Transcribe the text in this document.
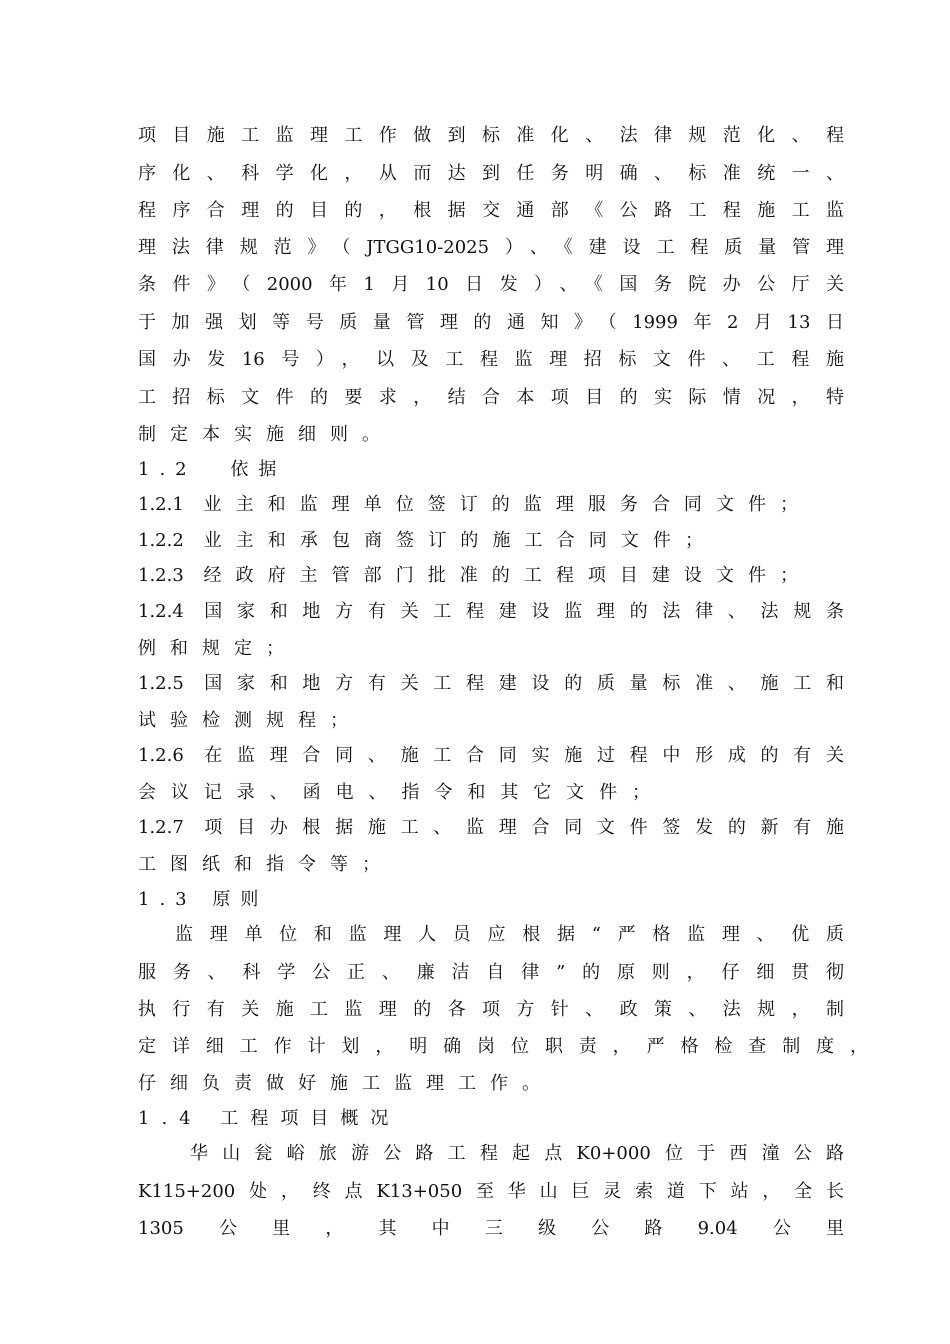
项目施工监理工作做到标准化、法律规范化、程
序化、科学化，从而达到任务明确、标准统一、
程序合理的目的，根据交通部《公路工程施工监
理法律规范》（JTGG10-2025）、《建设工程质量管理
条件》（2000年1月10日发）、《国务院办公厅关
于加强划等号质量管理的通知》（1999年2月13日
国办发16号），以及工程监理招标文件、工程施
工招标文件的要求，结合本项目的实际情况，特
制定本实施细则。
1.2 依据
1.2.1 业主和监理单位签订的监理服务合同文件；
1.2.2 业主和承包商签订的施工合同文件；
1.2.3 经政府主管部门批准的工程项目建设文件；
1.2.4 国家和地方有关工程建设监理的法律、法规条
例和规定；
1.2.5 国家和地方有关工程建设的质量标准、施工和
试验检测规程；
1.2.6 在监理合同、施工合同实施过程中形成的有关
会议记录、函电、指令和其它文件；
1.2.7 项目办根据施工、监理合同文件签发的新有施
工图纸和指令等；
1.3 原则
监理单位和监理人员应根据“严格监理、优质
服务、科学公正、廉洁自律”的原则，仔细贯彻
执行有关施工监理的各项方针、政策、法规，制
定详细工作计划，明确岗位职责，严格检查制度，
仔细负责做好施工监理工作。
1.4 工程项目概况
华山瓮峪旅游公路工程起点K0+000位于西潼公路
K115+200处，终点K13+050至华山巨灵索道下站，全长
1305公里，其中三级公路9.04公里
